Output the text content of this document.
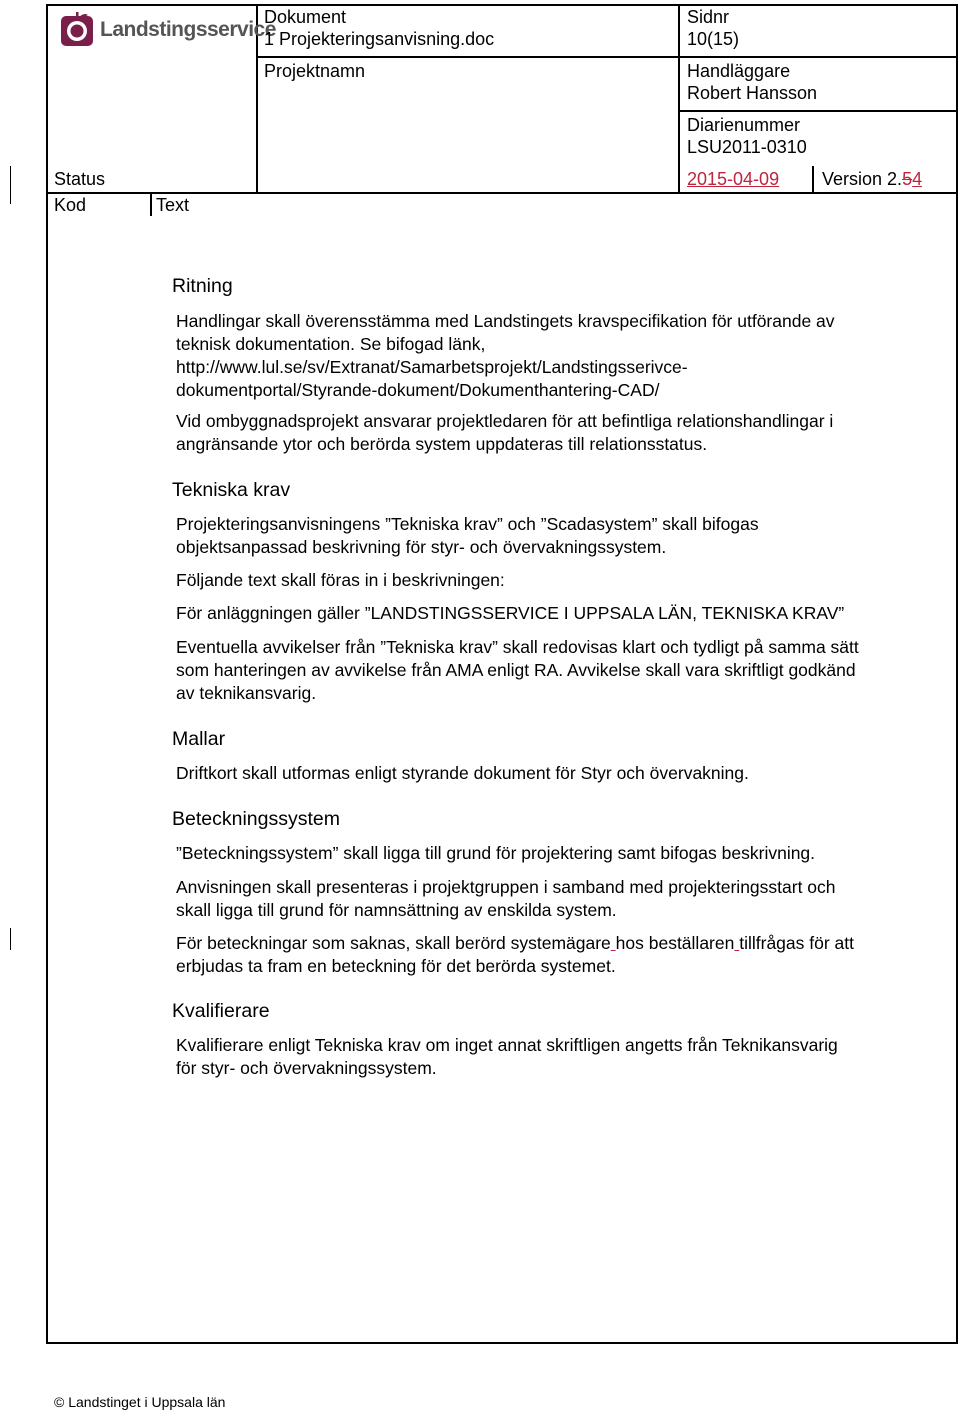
Landstingsservice
Dokument
1 Projekteringsanvisning.doc
Projektnamn
Sidnr
10(15)
Handläggare
Robert Hansson
Diarienummer
LSU2011-0310
Status	2015-04-09 Version 2.54
Kod	Text
Ritning
Handlingar skall överensstämma med Landstingets kravspecifikation för utförande av
teknisk dokumentation. Se bifogad länk,
http://www.lul.se/sv/Extranat/Samarbetsprojekt/Landstingsserivce-
dokumentportal/Styrande-dokument/Dokumenthantering-CAD/
Vid ombyggnadsprojekt ansvarar projektledaren för att befintliga relationshandlingar i
angränsande ytor och berörda system uppdateras till relationsstatus.
Tekniska krav
Projekteringsanvisningens ”Tekniska krav” och ”Scadasystem” skall bifogas
objektsanpassad beskrivning för styr- och övervakningssystem.
Följande text skall föras in i beskrivningen:
För anläggningen gäller ”LANDSTINGSSERVICE I UPPSALA LÄN, TEKNISKA KRAV”
Eventuella avvikelser från ”Tekniska krav” skall redovisas klart och tydligt på samma sätt
som hanteringen av avvikelse från AMA enligt RA. Avvikelse skall vara skriftligt godkänd
av teknikansvarig.
Mallar
Driftkort skall utformas enligt styrande dokument för Styr och övervakning.
Beteckningssystem
”Beteckningssystem” skall ligga till grund för projektering samt bifogas beskrivning.
Anvisningen skall presenteras i projektgruppen i samband med projekteringsstart och
skall ligga till grund för namnsättning av enskilda system.
För beteckningar som saknas, skall berörd systemägare hos beställaren tillfrågas för att
erbjudas ta fram en beteckning för det berörda systemet.
Kvalifierare
Kvalifierare enligt Tekniska krav om inget annat skriftligen angetts från Teknikansvarig
för styr- och övervakningssystem.
© Landstinget i Uppsala län
